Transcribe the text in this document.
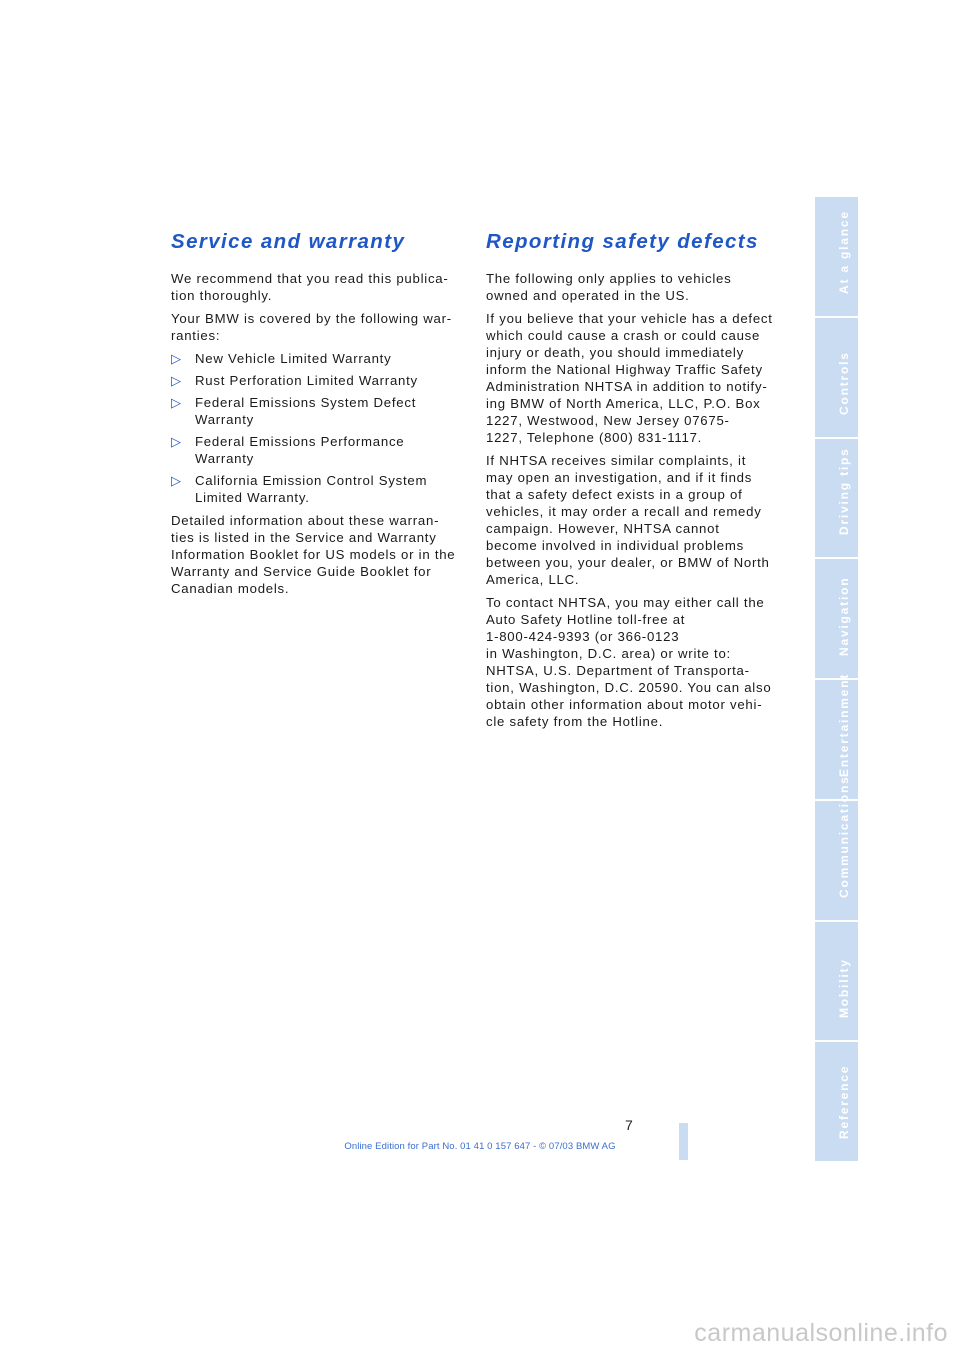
Service and warranty

We recommend that you read this publica-
tion thoroughly.

Your BMW is covered by the following war-
ranties:

▷ New Vehicle Limited Warranty
▷ Rust Perforation Limited Warranty
▷ Federal Emissions System Defect
Warranty
▷ Federal Emissions Performance
Warranty
▷ California Emission Control System
Limited Warranty.

Detailed information about these warran-
ties is listed in the Service and Warranty
Information Booklet for US models or in the
Warranty and Service Guide Booklet for
Canadian models.

Reporting safety defects

The following only applies to vehicles
owned and operated in the US.

If you believe that your vehicle has a defect
which could cause a crash or could cause
injury or death, you should immediately
inform the National Highway Traffic Safety
Administration NHTSA in addition to notify-
ing BMW of North America, LLC, P.O. Box
1227, Westwood, New Jersey 07675-
1227, Telephone (800) 831-1117.

If NHTSA receives similar complaints, it
may open an investigation, and if it finds
that a safety defect exists in a group of
vehicles, it may order a recall and remedy
campaign. However, NHTSA cannot
become involved in individual problems
between you, your dealer, or BMW of North
America, LLC.

To contact NHTSA, you may either call the
Auto Safety Hotline toll-free at
1-800-424-9393 (or 366-0123
in Washington, D.C. area) or write to:
NHTSA, U.S. Department of Transporta-
tion, Washington, D.C. 20590. You can also
obtain other information about motor vehi-
cle safety from the Hotline.

At a glance
Controls
Driving tips
Navigation
Entertainment
Communications
Mobility
Reference
7
Online Edition for Part No. 01 41 0 157 647 - © 07/03 BMW AG
carmanualsonline.info
